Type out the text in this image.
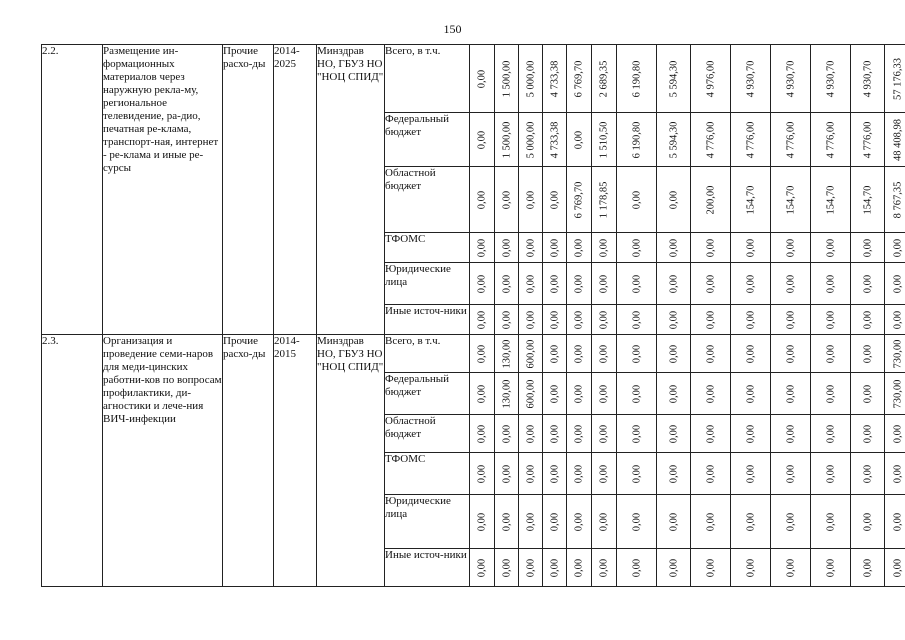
150
2.2.	Размещение ин-формационных материалов через наружную рекла-му, региональное телевидение, ра-дио, печатная ре-клама, транспорт-ная, интернет - ре-клама и иные ре-сурсы	Прочие расхо-ды	2014-2025	Минздрав НО, ГБУЗ НО "НОЦ СПИД"	Всего, в т.ч.	0,00	1 500,00	5 000,00	4 733,38	6 769,70	2 689,35	6 190,80	5 594,30	4 976,00	4 930,70	4 930,70	4 930,70	4 930,70	57 176,33

					Федеральный бюджет	0,00	1 500,00	5 000,00	4 733,38	0,00	1 510,50	6 190,80	5 594,30	4 776,00	4 776,00	4 776,00	4 776,00	4 776,00	48 408,98

					Областной бюджет	0,00	0,00	0,00	0,00	6 769,70	1 178,85	0,00	0,00	200,00	154,70	154,70	154,70	154,70	8 767,35

					ТФОМС	0,00	0,00	0,00	0,00	0,00	0,00	0,00	0,00	0,00	0,00	0,00	0,00	0,00	0,00

					Юридические лица	0,00	0,00	0,00	0,00	0,00	0,00	0,00	0,00	0,00	0,00	0,00	0,00	0,00	0,00

					Иные источ-ники	0,00	0,00	0,00	0,00	0,00	0,00	0,00	0,00	0,00	0,00	0,00	0,00	0,00	0,00

2.3.	Организация и проведение семи-наров для меди-цинских работни-ков по вопросам профилактики, ди-агностики и лече-ния ВИЧ-инфекции	Прочие расхо-ды	2014-2015	Минздрав НО, ГБУЗ НО "НОЦ СПИД"	Всего, в т.ч.	0,00	130,00	600,00	0,00	0,00	0,00	0,00	0,00	0,00	0,00	0,00	0,00	0,00	730,00

					Федеральный бюджет	0,00	130,00	600,00	0,00	0,00	0,00	0,00	0,00	0,00	0,00	0,00	0,00	0,00	730,00

					Областной бюджет	0,00	0,00	0,00	0,00	0,00	0,00	0,00	0,00	0,00	0,00	0,00	0,00	0,00	0,00

					ТФОМС	0,00	0,00	0,00	0,00	0,00	0,00	0,00	0,00	0,00	0,00	0,00	0,00	0,00	0,00

					Юридические лица	0,00	0,00	0,00	0,00	0,00	0,00	0,00	0,00	0,00	0,00	0,00	0,00	0,00	0,00

					Иные источ-ники	0,00	0,00	0,00	0,00	0,00	0,00	0,00	0,00	0,00	0,00	0,00	0,00	0,00	0,00
